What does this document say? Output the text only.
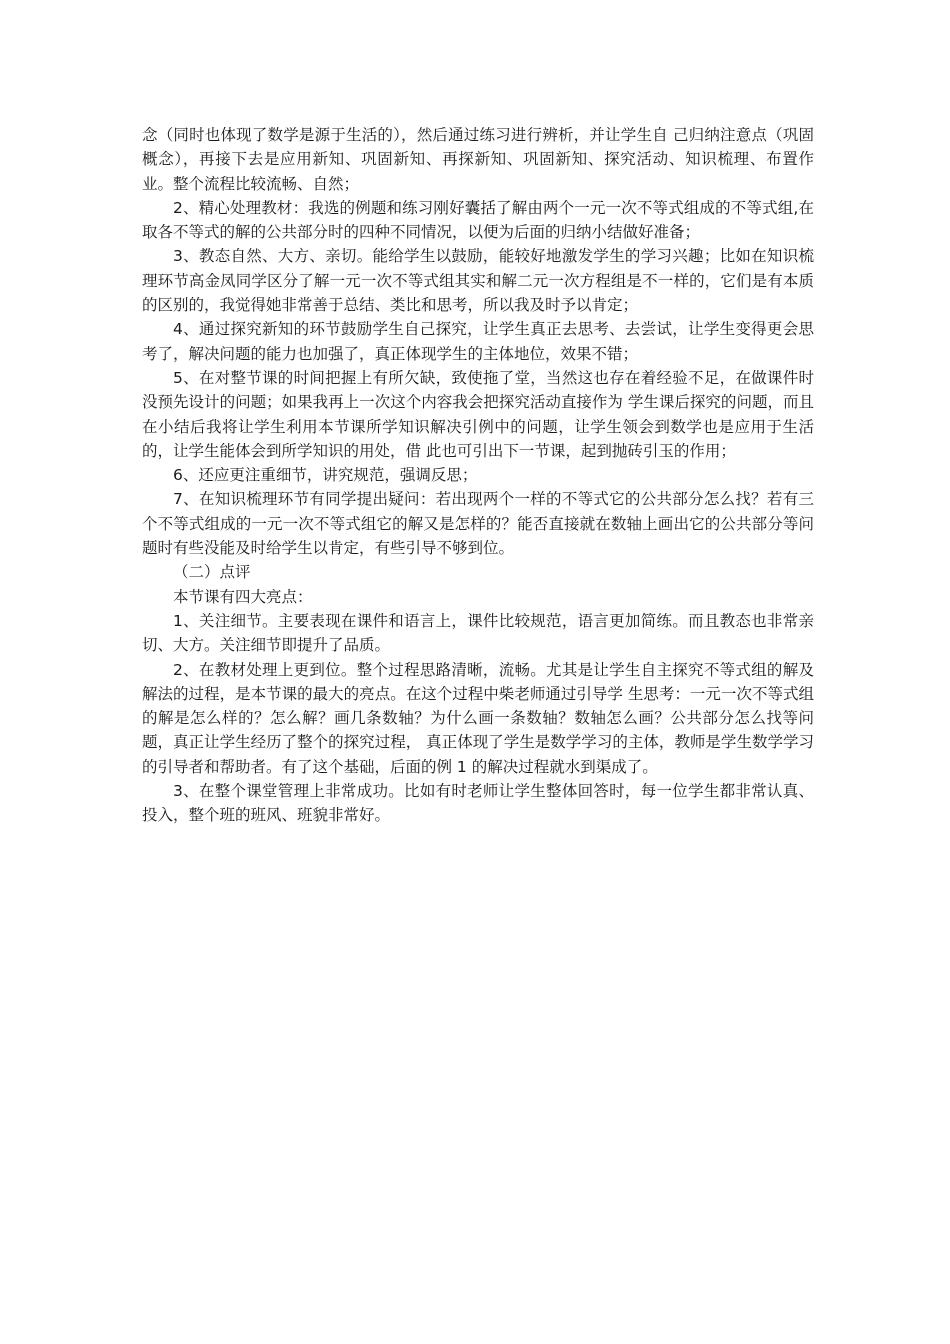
念（同时也体现了数学是源于生活的），然后通过练习进行辨析，并让学生自 己归纳注意点（巩固概念），再接下去是应用新知、巩固新知、再探新知、巩固新知、探究活动、知识梳理、布置作业。整个流程比较流畅、自然；

2、精心处理教材：我选的例题和练习刚好囊括了解由两个一元一次不等式组成的不等式组,在取各不等式的解的公共部分时的四种不同情况，以便为后面的归纳小结做好准备；

3、教态自然、大方、亲切。能给学生以鼓励，能较好地激发学生的学习兴趣；比如在知识梳理环节高金凤同学区分了解一元一次不等式组其实和解二元一次方程组是不一样的，它们是有本质的区别的，我觉得她非常善于总结、类比和思考，所以我及时予以肯定；

4、通过探究新知的环节鼓励学生自己探究，让学生真正去思考、去尝试，让学生变得更会思考了，解决问题的能力也加强了，真正体现学生的主体地位，效果不错；

5、在对整节课的时间把握上有所欠缺，致使拖了堂，当然这也存在着经验不足，在做课件时没预先设计的问题；如果我再上一次这个内容我会把探究活动直接作为 学生课后探究的问题，而且在小结后我将让学生利用本节课所学知识解决引例中的问题，让学生领会到数学也是应用于生活的，让学生能体会到所学知识的用处，借 此也可引出下一节课，起到抛砖引玉的作用；

6、还应更注重细节，讲究规范，强调反思；

7、在知识梳理环节有同学提出疑问：若出现两个一样的不等式它的公共部分怎么找？若有三个不等式组成的一元一次不等式组它的解又是怎样的？能否直接就在数轴上画出它的公共部分等问题时有些没能及时给学生以肯定，有些引导不够到位。

（二）点评

本节课有四大亮点：

1、关注细节。主要表现在课件和语言上，课件比较规范，语言更加简练。而且教态也非常亲切、大方。关注细节即提升了品质。

2、在教材处理上更到位。整个过程思路清晰，流畅。尤其是让学生自主探究不等式组的解及解法的过程，是本节课的最大的亮点。在这个过程中柴老师通过引导学 生思考：一元一次不等式组的解是怎么样的？怎么解？画几条数轴？为什么画一条数轴？数轴怎么画？公共部分怎么找等问题，真正让学生经历了整个的探究过程， 真正体现了学生是数学学习的主体，教师是学生数学学习的引导者和帮助者。有了这个基础，后面的例 1 的解决过程就水到渠成了。

3、在整个课堂管理上非常成功。比如有时老师让学生整体回答时，每一位学生都非常认真、投入，整个班的班风、班貌非常好。
